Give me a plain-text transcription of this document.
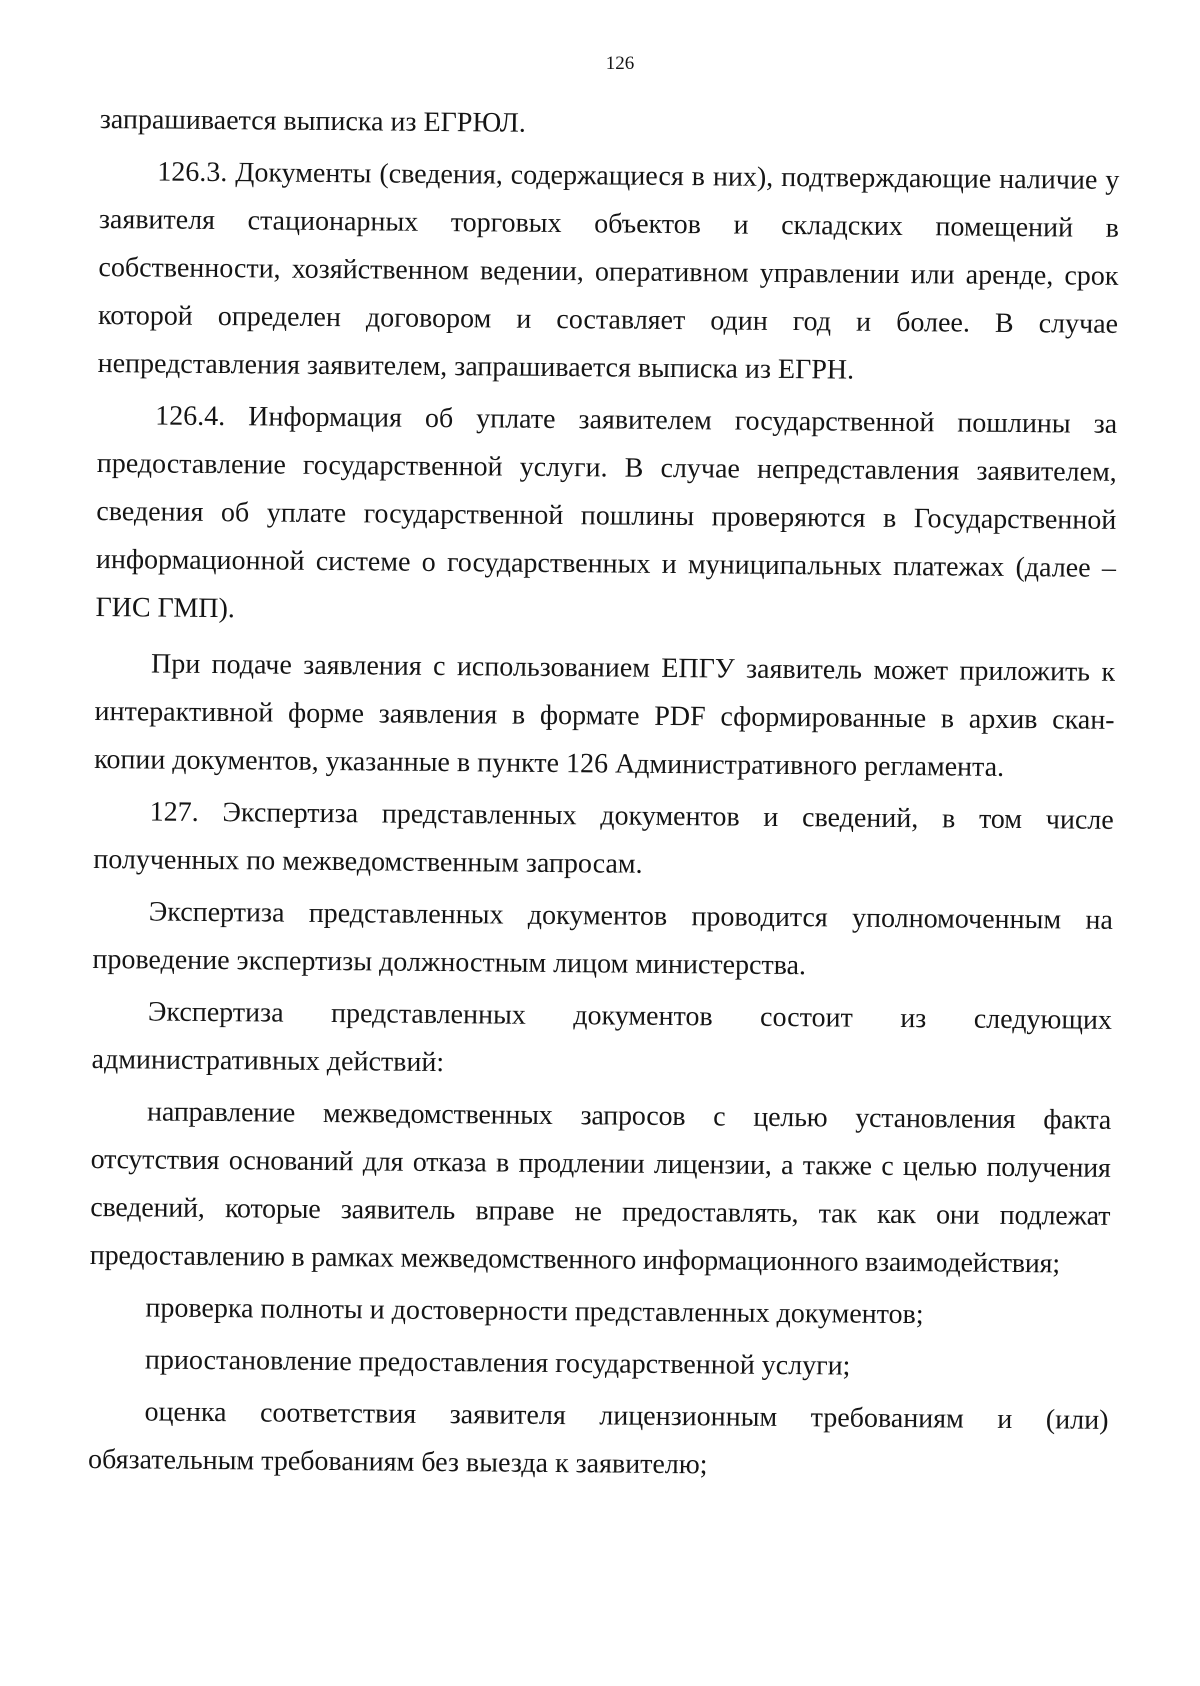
126

запрашивается выписка из ЕГРЮЛ.

126.3. Документы (сведения, содержащиеся в них), подтверждающие наличие у заявителя стационарных торговых объектов и складских помещений в собственности, хозяйственном ведении, оперативном управлении или аренде, срок которой определен договором и составляет один год и более. В случае непредставления заявителем, запрашивается выписка из ЕГРН.

126.4. Информация об уплате заявителем государственной пошлины за предоставление государственной услуги. В случае непредставления заявителем, сведения об уплате государственной пошлины проверяются в Государственной информационной системе о государственных и муниципальных платежах (далее – ГИС ГМП).

При подаче заявления с использованием ЕПГУ заявитель может приложить к интерактивной форме заявления в формате PDF сформированные в архив скан-копии документов, указанные в пункте 126 Административного регламента.

127. Экспертиза представленных документов и сведений, в том числе полученных по межведомственным запросам.

Экспертиза представленных документов проводится уполномоченным на проведение экспертизы должностным лицом министерства.

Экспертиза представленных документов состоит из следующих административных действий:

направление межведомственных запросов с целью установления факта отсутствия оснований для отказа в продлении лицензии, а также с целью получения сведений, которые заявитель вправе не предоставлять, так как они подлежат предоставлению в рамках межведомственного информационного взаимодействия;

проверка полноты и достоверности представленных документов;

приостановление предоставления государственной услуги;

оценка соответствия заявителя лицензионным требованиям и (или) обязательным требованиям без выезда к заявителю;
